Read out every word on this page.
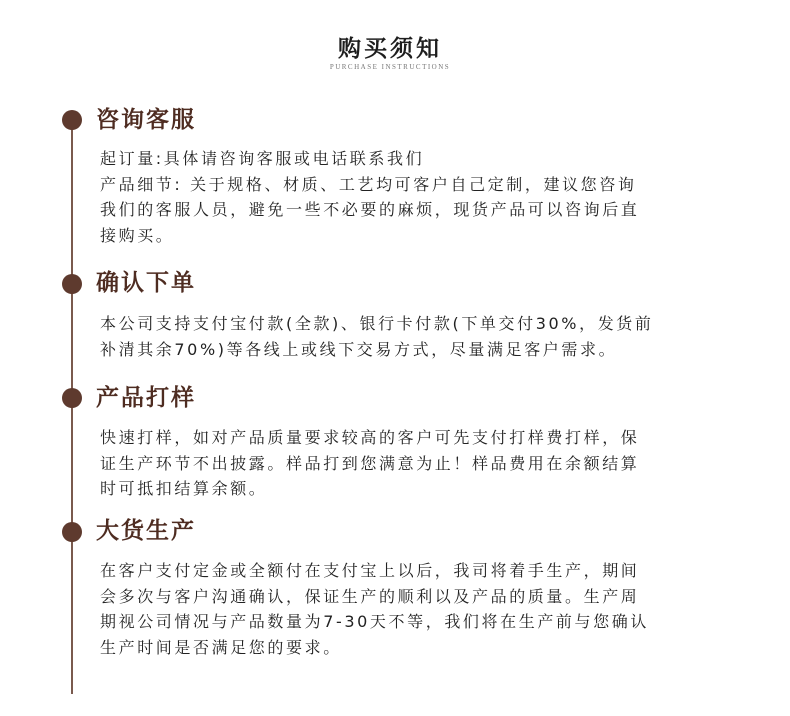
购买须知
PURCHASE INSTRUCTIONS
咨询客服

起订量:具体请咨询客服或电话联系我们

产品细节: 关于规格、材质、工艺均可客户自己定制，建议您咨询

我们的客服人员，避免一些不必要的麻烦，现货产品可以咨询后直

接购买。

确认下单

本公司支持支付宝付款(全款)、银行卡付款(下单交付30%，发货前

补清其余70%)等各线上或线下交易方式，尽量满足客户需求。

产品打样

快速打样，如对产品质量要求较高的客户可先支付打样费打样，保

证生产环节不出披露。样品打到您满意为止！样品费用在余额结算

时可抵扣结算余额。

大货生产

在客户支付定金或全额付在支付宝上以后，我司将着手生产，期间

会多次与客户沟通确认，保证生产的顺利以及产品的质量。生产周

期视公司情况与产品数量为7-30天不等，我们将在生产前与您确认

生产时间是否满足您的要求。
